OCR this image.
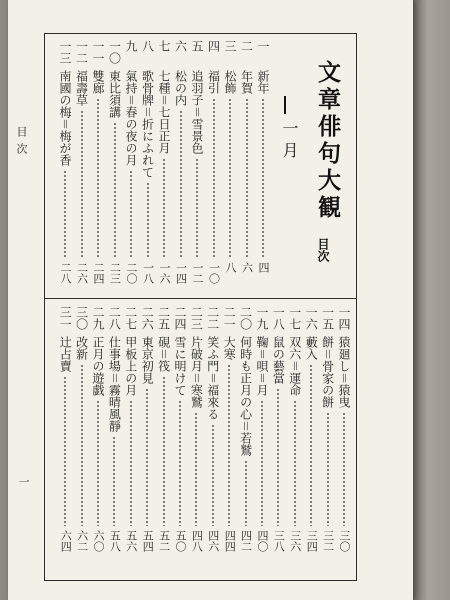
目次
一
文章俳句大観
目次
一月
一
新年
四
二
年賀
六
三
松飾
八
四
福引
一〇
五
追羽子＝雪景色
一二
六
松の内
一四
七
七種＝七日正月
一六
八
歌骨牌＝折にふれて
一八
九
氣持＝春の夜の月
二〇
一〇
東比須講
二三
一一
雙廊
二四
一二
福壽草
二六
一三
南國の梅＝梅が香
二八
一四
猿廻し＝猿曳
三〇
一五
餅＝骨家の餅
三二
一六
藪入
三四
一七
双六＝運命
三六
一八
鼠の藝當
三八
一九
鞠＝唄＝月
四〇
二〇
何時も正月の心＝若鷲
四二
二一
大寒
四四
二二
笑ふ門＝福來る
四六
二三
片破月＝寒鷲
四八
二四
雪に明けて
五〇
二五
硯＝筏
五二
二六
東京初見
五四
二七
甲板上の月
五六
二八
仕事場＝霧晴風靜
五八
二九
正月の遊戯
六〇
三〇
改新
六二
三一
辻占賣
六四
